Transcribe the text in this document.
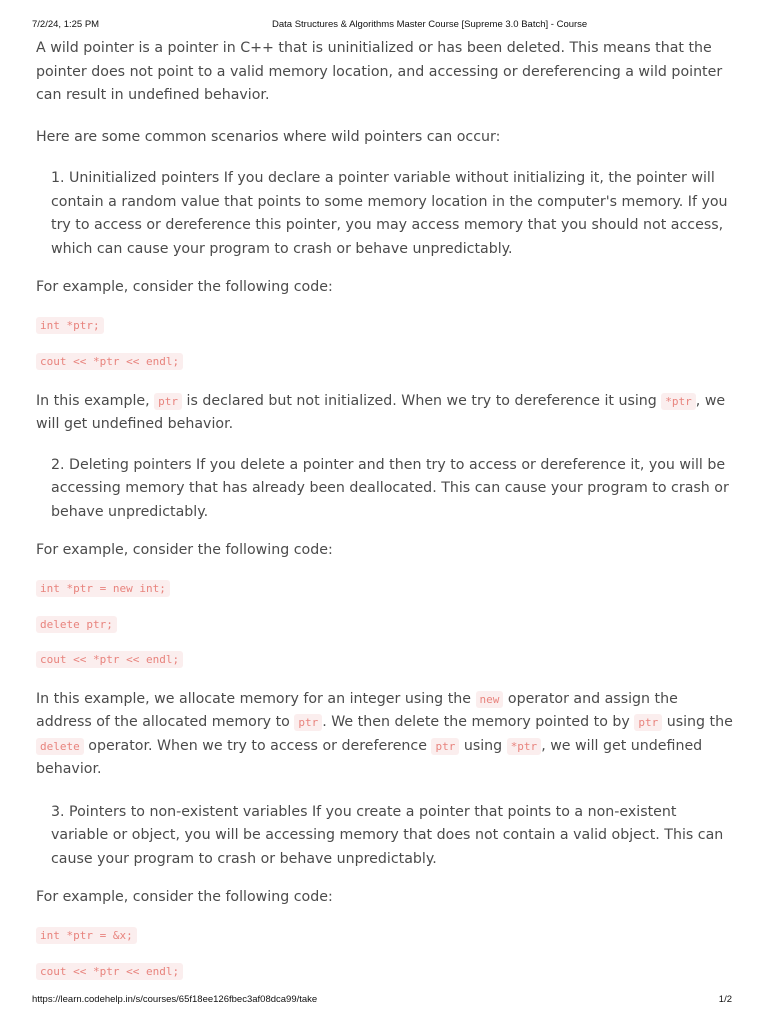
7/2/24, 1:25 PM	Data Structures & Algorithms Master Course [Supreme 3.0 Batch] - Course

A wild pointer is a pointer in C++ that is uninitialized or has been deleted. This means that the pointer does not point to a valid memory location, and accessing or dereferencing a wild pointer can result in undefined behavior.

Here are some common scenarios where wild pointers can occur:

1. Uninitialized pointers If you declare a pointer variable without initializing it, the pointer will contain a random value that points to some memory location in the computer's memory. If you try to access or dereference this pointer, you may access memory that you should not access, which can cause your program to crash or behave unpredictably.

For example, consider the following code:

int *ptr;

cout << *ptr << endl;

In this example, ptr is declared but not initialized. When we try to dereference it using *ptr , we will get undefined behavior.

2. Deleting pointers If you delete a pointer and then try to access or dereference it, you will be accessing memory that has already been deallocated. This can cause your program to crash or behave unpredictably.

For example, consider the following code:

int *ptr = new int;

delete ptr;

cout << *ptr << endl;

In this example, we allocate memory for an integer using the new operator and assign the address of the allocated memory to ptr . We then delete the memory pointed to by ptr using the delete operator. When we try to access or dereference ptr using *ptr , we will get undefined behavior.

3. Pointers to non-existent variables If you create a pointer that points to a non-existent variable or object, you will be accessing memory that does not contain a valid object. This can cause your program to crash or behave unpredictably.

For example, consider the following code:

int *ptr = &x;

cout << *ptr << endl;

https://learn.codehelp.in/s/courses/65f18ee126fbec3af08dca99/take	1/2
